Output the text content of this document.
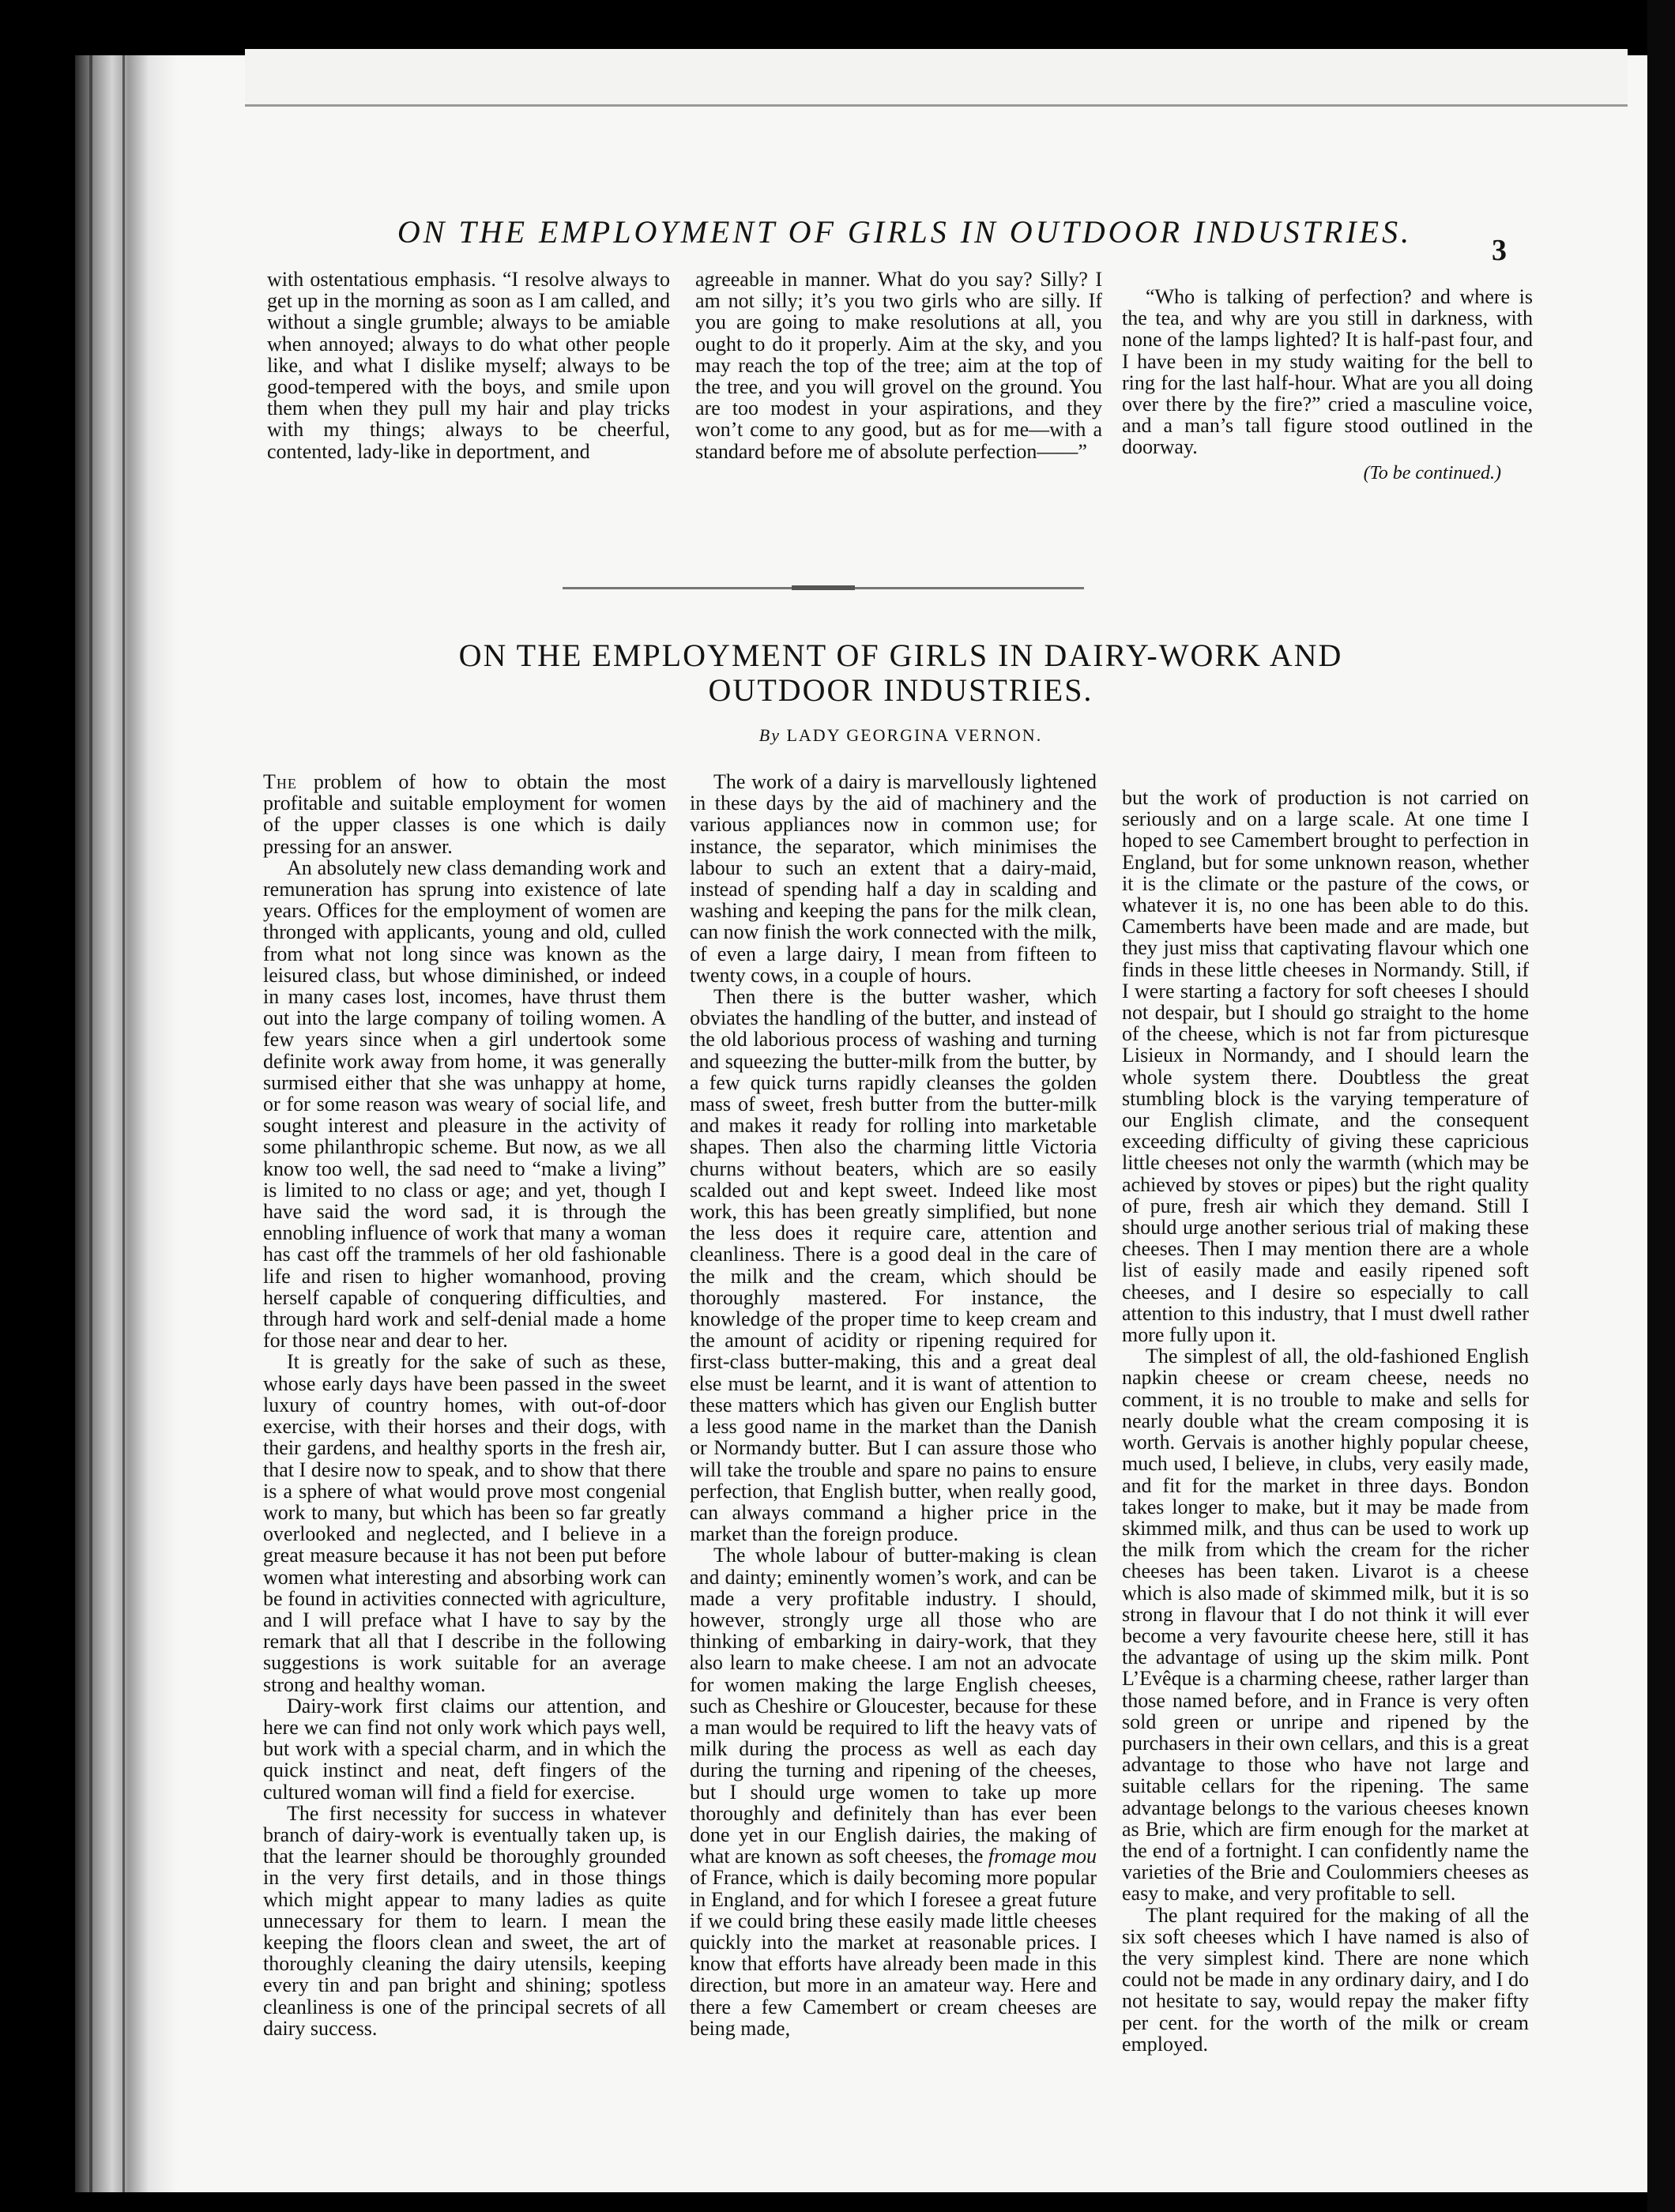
ON THE EMPLOYMENT OF GIRLS IN OUTDOOR INDUSTRIES.
3

with ostentatious emphasis. “I resolve always to get up in the morning as soon as I am called, and without a single grumble; always to be amiable when annoyed; always to do what other people like, and what I dislike myself; always to be good-tempered with the boys, and smile upon them when they pull my hair and play tricks with my things; always to be cheerful, contented, lady-like in deportment, and

agreeable in manner. What do you say? Silly? I am not silly; it’s you two girls who are silly. If you are going to make resolutions at all, you ought to do it properly. Aim at the sky, and you may reach the top of the tree; aim at the top of the tree, and you will grovel on the ground. You are too modest in your aspirations, and they won’t come to any good, but as for me—with a standard before me of absolute perfection——”

“Who is talking of perfection? and where is the tea, and why are you still in darkness, with none of the lamps lighted? It is half-past four, and I have been in my study waiting for the bell to ring for the last half-hour. What are you all doing over there by the fire?” cried a masculine voice, and a man’s tall figure stood outlined in the doorway.

(To be continued.)

ON THE EMPLOYMENT OF GIRLS IN DAIRY-WORK AND OUTDOOR INDUSTRIES.
By LADY GEORGINA VERNON.

The problem of how to obtain the most profitable and suitable employment for women of the upper classes is one which is daily pressing for an answer.

An absolutely new class demanding work and remuneration has sprung into existence of late years. Offices for the employment of women are thronged with applicants, young and old, culled from what not long since was known as the leisured class, but whose diminished, or indeed in many cases lost, incomes, have thrust them out into the large company of toiling women. A few years since when a girl undertook some definite work away from home, it was generally surmised either that she was unhappy at home, or for some reason was weary of social life, and sought interest and pleasure in the activity of some philanthropic scheme. But now, as we all know too well, the sad need to “make a living” is limited to no class or age; and yet, though I have said the word sad, it is through the ennobling influence of work that many a woman has cast off the trammels of her old fashionable life and risen to higher womanhood, proving herself capable of conquering difficulties, and through hard work and self-denial made a home for those near and dear to her.

It is greatly for the sake of such as these, whose early days have been passed in the sweet luxury of country homes, with out-of-door exercise, with their horses and their dogs, with their gardens, and healthy sports in the fresh air, that I desire now to speak, and to show that there is a sphere of what would prove most congenial work to many, but which has been so far greatly overlooked and neglected, and I believe in a great measure because it has not been put before women what interesting and absorbing work can be found in activities connected with agriculture, and I will preface what I have to say by the remark that all that I describe in the following suggestions is work suitable for an average strong and healthy woman.

Dairy-work first claims our attention, and here we can find not only work which pays well, but work with a special charm, and in which the quick instinct and neat, deft fingers of the cultured woman will find a field for exercise.

The first necessity for success in whatever branch of dairy-work is eventually taken up, is that the learner should be thoroughly grounded in the very first details, and in those things which might appear to many ladies as quite unnecessary for them to learn. I mean the keeping the floors clean and sweet, the art of thoroughly cleaning the dairy utensils, keeping every tin and pan bright and shining; spotless cleanliness is one of the principal secrets of all dairy success.

The work of a dairy is marvellously lightened in these days by the aid of machinery and the various appliances now in common use; for instance, the separator, which minimises the labour to such an extent that a dairy-maid, instead of spending half a day in scalding and washing and keeping the pans for the milk clean, can now finish the work connected with the milk, of even a large dairy, I mean from fifteen to twenty cows, in a couple of hours.

Then there is the butter washer, which obviates the handling of the butter, and instead of the old laborious process of washing and turning and squeezing the butter-milk from the butter, by a few quick turns rapidly cleanses the golden mass of sweet, fresh butter from the butter-milk and makes it ready for rolling into marketable shapes. Then also the charming little Victoria churns without beaters, which are so easily scalded out and kept sweet. Indeed like most work, this has been greatly simplified, but none the less does it require care, attention and cleanliness. There is a good deal in the care of the milk and the cream, which should be thoroughly mastered. For instance, the knowledge of the proper time to keep cream and the amount of acidity or ripening required for first-class butter-making, this and a great deal else must be learnt, and it is want of attention to these matters which has given our English butter a less good name in the market than the Danish or Normandy butter. But I can assure those who will take the trouble and spare no pains to ensure perfection, that English butter, when really good, can always command a higher price in the market than the foreign produce.

The whole labour of butter-making is clean and dainty; eminently women’s work, and can be made a very profitable industry. I should, however, strongly urge all those who are thinking of embarking in dairy-work, that they also learn to make cheese. I am not an advocate for women making the large English cheeses, such as Cheshire or Gloucester, because for these a man would be required to lift the heavy vats of milk during the process as well as each day during the turning and ripening of the cheeses, but I should urge women to take up more thoroughly and definitely than has ever been done yet in our English dairies, the making of what are known as soft cheeses, the fromage mou of France, which is daily becoming more popular in England, and for which I foresee a great future if we could bring these easily made little cheeses quickly into the market at reasonable prices. I know that efforts have already been made in this direction, but more in an amateur way. Here and there a few Camembert or cream cheeses are being made,

but the work of production is not carried on seriously and on a large scale. At one time I hoped to see Camembert brought to perfection in England, but for some unknown reason, whether it is the climate or the pasture of the cows, or whatever it is, no one has been able to do this. Camemberts have been made and are made, but they just miss that captivating flavour which one finds in these little cheeses in Normandy. Still, if I were starting a factory for soft cheeses I should not despair, but I should go straight to the home of the cheese, which is not far from picturesque Lisieux in Normandy, and I should learn the whole system there. Doubtless the great stumbling block is the varying temperature of our English climate, and the consequent exceeding difficulty of giving these capricious little cheeses not only the warmth (which may be achieved by stoves or pipes) but the right quality of pure, fresh air which they demand. Still I should urge another serious trial of making these cheeses. Then I may mention there are a whole list of easily made and easily ripened soft cheeses, and I desire so especially to call attention to this industry, that I must dwell rather more fully upon it.

The simplest of all, the old-fashioned English napkin cheese or cream cheese, needs no comment, it is no trouble to make and sells for nearly double what the cream composing it is worth. Gervais is another highly popular cheese, much used, I believe, in clubs, very easily made, and fit for the market in three days. Bondon takes longer to make, but it may be made from skimmed milk, and thus can be used to work up the milk from which the cream for the richer cheeses has been taken. Livarot is a cheese which is also made of skimmed milk, but it is so strong in flavour that I do not think it will ever become a very favourite cheese here, still it has the advantage of using up the skim milk. Pont L’Evêque is a charming cheese, rather larger than those named before, and in France is very often sold green or unripe and ripened by the purchasers in their own cellars, and this is a great advantage to those who have not large and suitable cellars for the ripening. The same advantage belongs to the various cheeses known as Brie, which are firm enough for the market at the end of a fortnight. I can confidently name the varieties of the Brie and Coulommiers cheeses as easy to make, and very profitable to sell.

The plant required for the making of all the six soft cheeses which I have named is also of the very simplest kind. There are none which could not be made in any ordinary dairy, and I do not hesitate to say, would repay the maker fifty per cent. for the worth of the milk or cream employed.
